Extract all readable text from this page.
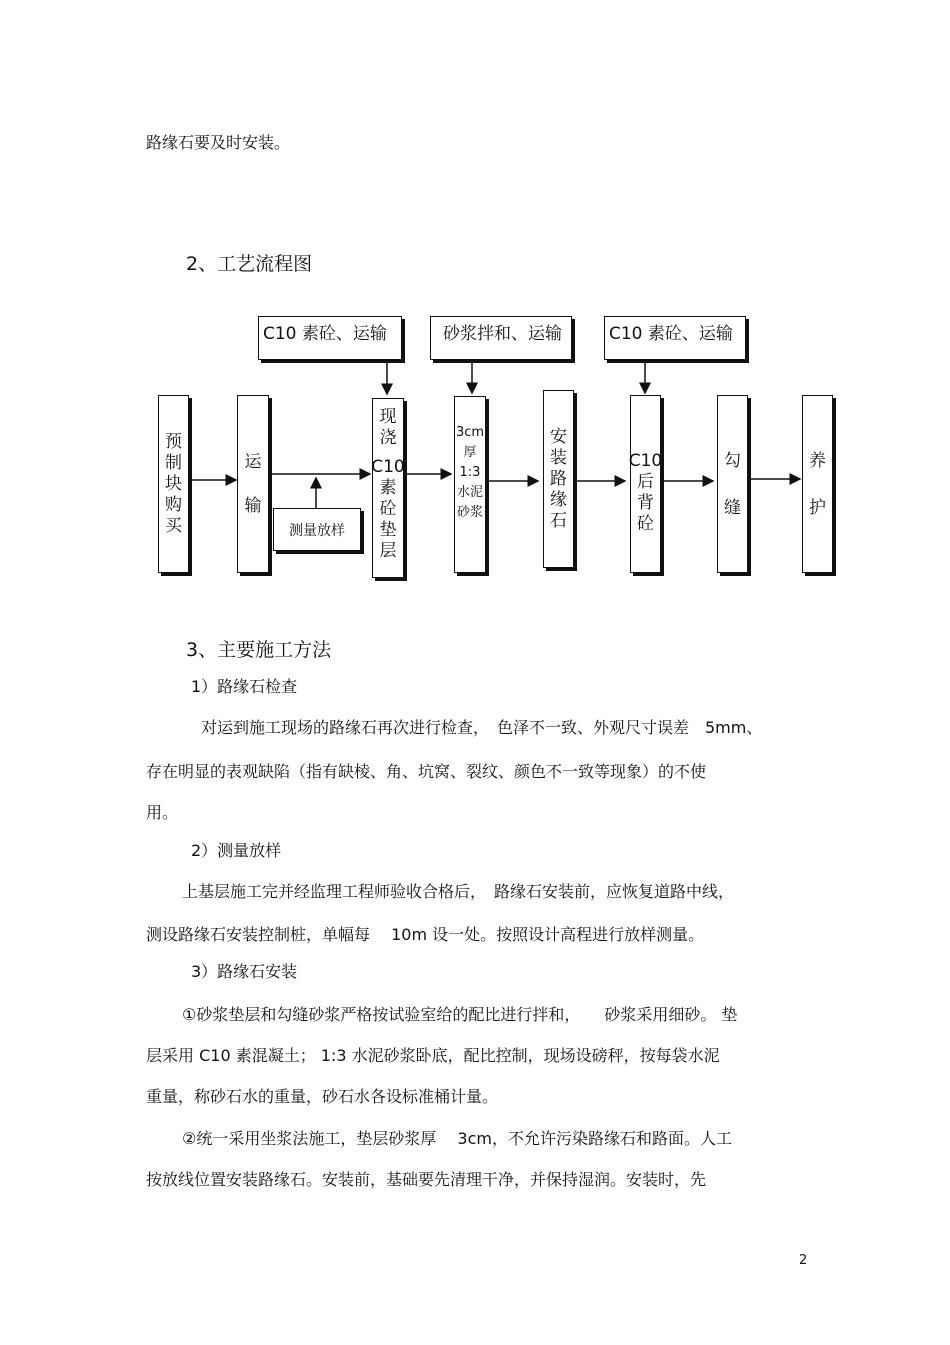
路缘石要及时安装。
2、工艺流程图
C10 素砼、运输	砂浆拌和、运输	C10 素砼、运输
预制块购买
运
输
现浇
C10
素砼垫层
3cm
厚
1:3
水泥砂浆
安装路缘石
C10
后背砼
勾
缝
养
护
测量放样
3、主要施工方法
1）路缘石检查
对运到施工现场的路缘石再次进行检查，　色泽不一致、外观尺寸误差　5mm、
存在明显的表观缺陷（指有缺棱、角、坑窝、裂纹、颜色不一致等现象）的不使
用。
2）测量放样
上基层施工完并经监理工程师验收合格后，　路缘石安装前，应恢复道路中线，
测设路缘石安装控制桩，单幅每　 10m 设一处。按照设计高程进行放样测量。
3）路缘石安装
①砂浆垫层和勾缝砂浆严格按试验室给的配比进行拌和，　　砂浆采用细砂。 垫
层采用 C10 素混凝土； 1:3 水泥砂浆卧底，配比控制，现场设磅秤，按每袋水泥
重量，称砂石水的重量，砂石水各设标准桶计量。
②统一采用坐浆法施工，垫层砂浆厚　 3cm，不允许污染路缘石和路面。人工
按放线位置安装路缘石。安装前，基础要先清理干净，并保持湿润。安装时，先
2
